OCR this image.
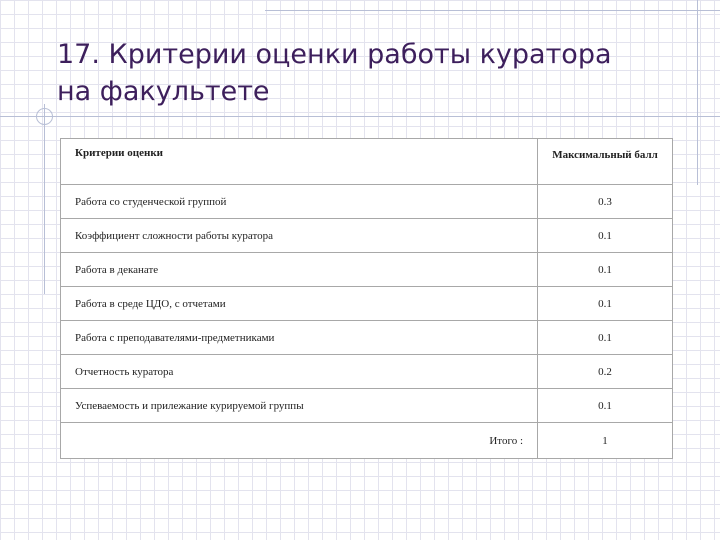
17. Критерии оценки работы куратора
на факультете
Критерии оценки	Максимальный балл
Работа со студенческой группой	0.3
Коэффициент сложности работы куратора	0.1
Работа в деканате	0.1
Работа в среде ЦДО, с отчетами	0.1
Работа с преподавателями-предметниками	0.1
Отчетность куратора	0.2
Успеваемость и прилежание курируемой группы	0.1
Итого :	1
